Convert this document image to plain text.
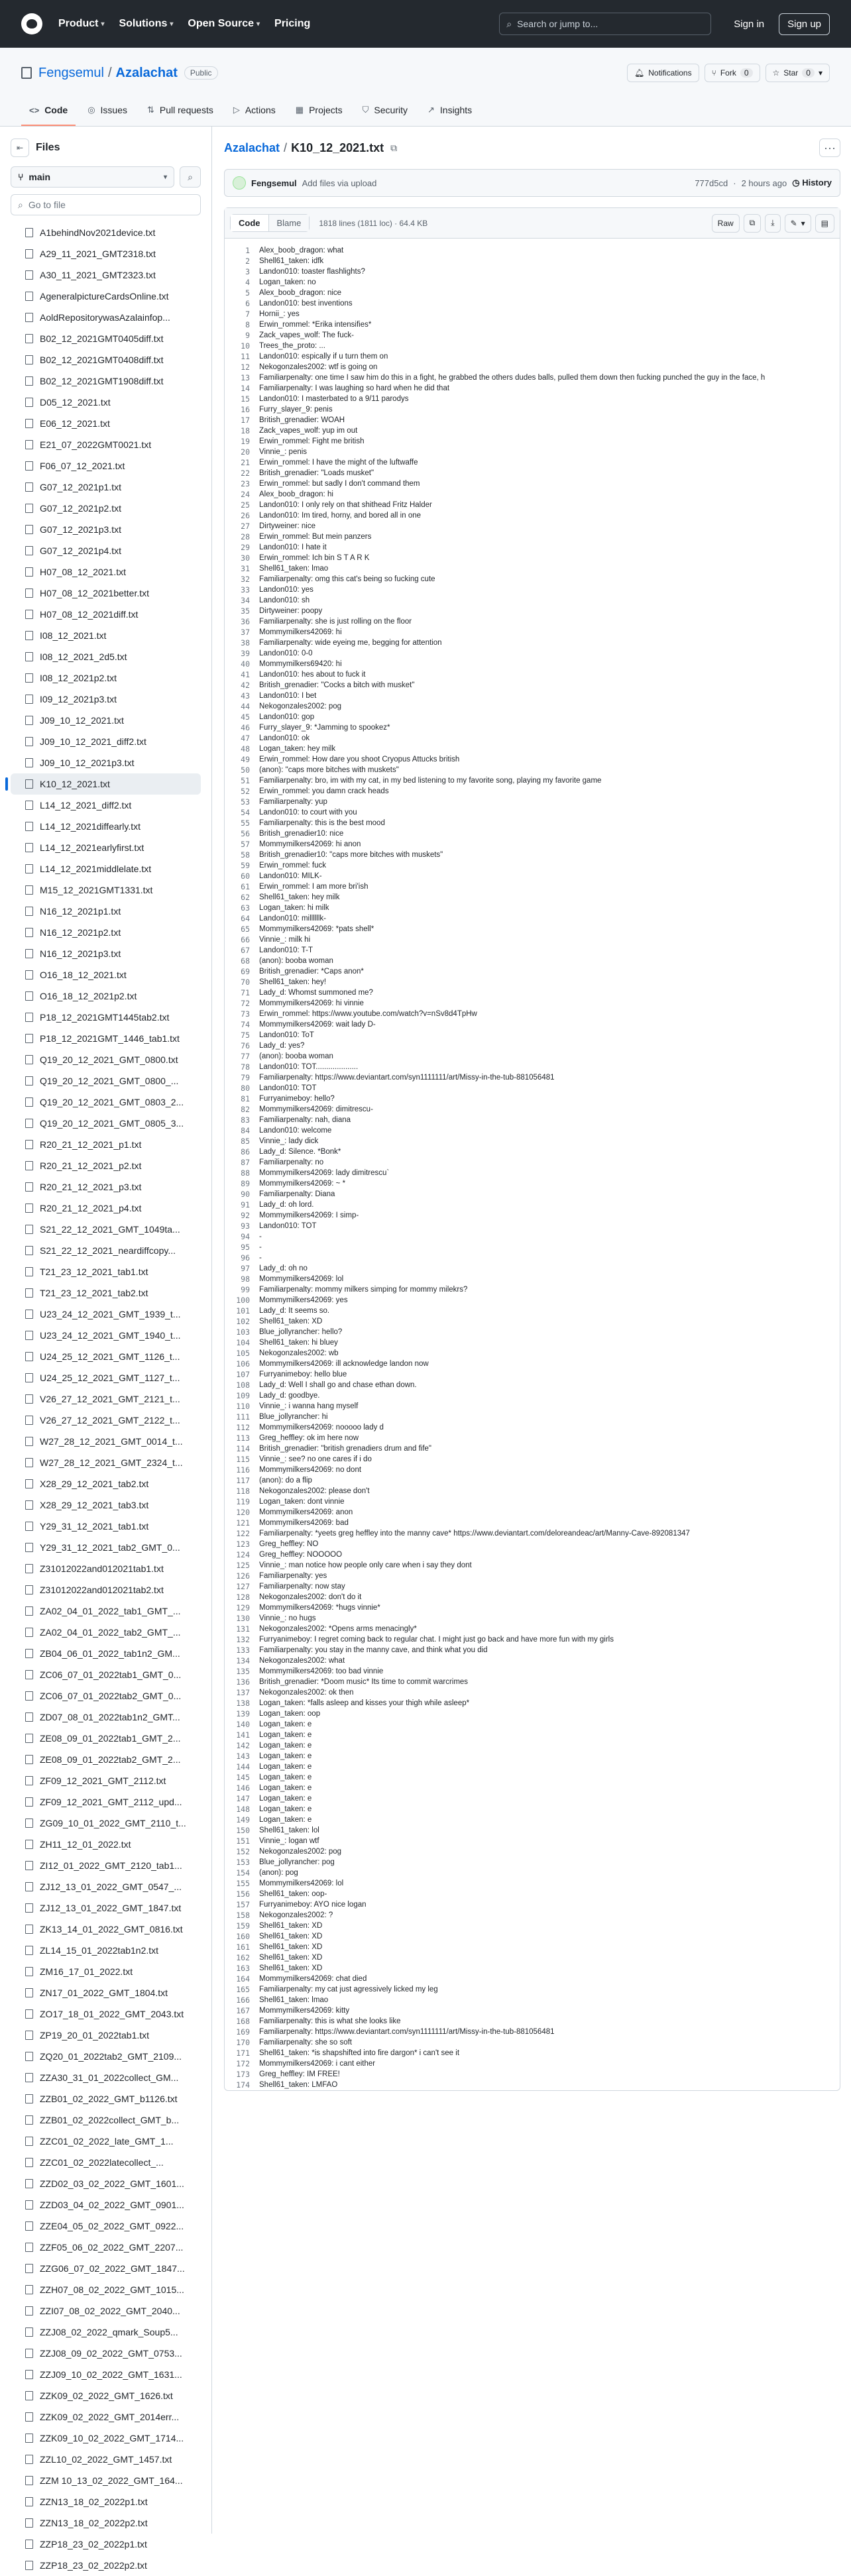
Product ▾ Solutions ▾ Open Source ▾ Pricing	⌕ Search or jump to...	Sign in	Sign up
Fengsemul / Azalachat	Public	🔔︎ Notifications	⑂ Fork	0	☆ Star	0	▾
<> Code ◎ Issues ⇅ Pull requests ▷ Actions ▦ Projects ⛉ Security ↗ Insights
⇤	Files
⑂ main	▾ ⌕
⌕ Go to file
A1behindNov2021device.txt
A29_11_2021_GMT2318.txt
A30_11_2021_GMT2323.txt
AgeneralpictureCardsOnline.txt
AoldRepositorywasAzalainfop...
B02_12_2021GMT0405diff.txt
B02_12_2021GMT0408diff.txt
B02_12_2021GMT1908diff.txt
D05_12_2021.txt
E06_12_2021.txt
E21_07_2022GMT0021.txt
F06_07_12_2021.txt
G07_12_2021p1.txt
G07_12_2021p2.txt
G07_12_2021p3.txt
G07_12_2021p4.txt
H07_08_12_2021.txt
H07_08_12_2021better.txt
H07_08_12_2021diff.txt
I08_12_2021.txt
I08_12_2021_2d5.txt
I08_12_2021p2.txt
I09_12_2021p3.txt
J09_10_12_2021.txt
J09_10_12_2021_diff2.txt
J09_10_12_2021p3.txt
K10_12_2021.txt
L14_12_2021_diff2.txt
L14_12_2021diffearly.txt
L14_12_2021earlyfirst.txt
L14_12_2021middlelate.txt
M15_12_2021GMT1331.txt
N16_12_2021p1.txt
N16_12_2021p2.txt
N16_12_2021p3.txt
O16_18_12_2021.txt
O16_18_12_2021p2.txt
P18_12_2021GMT1445tab2.txt
P18_12_2021GMT_1446_tab1.txt
Q19_20_12_2021_GMT_0800.txt
Q19_20_12_2021_GMT_0800_...
Q19_20_12_2021_GMT_0803_2...
Q19_20_12_2021_GMT_0805_3...
R20_21_12_2021_p1.txt
R20_21_12_2021_p2.txt
R20_21_12_2021_p3.txt
R20_21_12_2021_p4.txt
S21_22_12_2021_GMT_1049ta...
S21_22_12_2021_neardiffcopy...
T21_23_12_2021_tab1.txt
T21_23_12_2021_tab2.txt
U23_24_12_2021_GMT_1939_t...
U23_24_12_2021_GMT_1940_t...
U24_25_12_2021_GMT_1126_t...
U24_25_12_2021_GMT_1127_t...
V26_27_12_2021_GMT_2121_t...
V26_27_12_2021_GMT_2122_t...
W27_28_12_2021_GMT_0014_t...
W27_28_12_2021_GMT_2324_t...
X28_29_12_2021_tab2.txt
X28_29_12_2021_tab3.txt
Y29_31_12_2021_tab1.txt
Y29_31_12_2021_tab2_GMT_0...
Z31012022and012021tab1.txt
Z31012022and012021tab2.txt
ZA02_04_01_2022_tab1_GMT_...
ZA02_04_01_2022_tab2_GMT_...
ZB04_06_01_2022_tab1n2_GM...
ZC06_07_01_2022tab1_GMT_0...
ZC06_07_01_2022tab2_GMT_0...
ZD07_08_01_2022tab1n2_GMT...
ZE08_09_01_2022tab1_GMT_2...
ZE08_09_01_2022tab2_GMT_2...
ZF09_12_2021_GMT_2112.txt
ZF09_12_2021_GMT_2112_upd...
ZG09_10_01_2022_GMT_2110_t...
ZH11_12_01_2022.txt
ZI12_01_2022_GMT_2120_tab1...
ZJ12_13_01_2022_GMT_0547_...
ZJ12_13_01_2022_GMT_1847.txt
ZK13_14_01_2022_GMT_0816.txt
ZL14_15_01_2022tab1n2.txt
ZM16_17_01_2022.txt
ZN17_01_2022_GMT_1804.txt
ZO17_18_01_2022_GMT_2043.txt
ZP19_20_01_2022tab1.txt
ZQ20_01_2022tab2_GMT_2109...
ZZA30_31_01_2022collect_GM...
ZZB01_02_2022_GMT_b1126.txt
ZZB01_02_2022collect_GMT_b...
ZZC01_02_2022_late_GMT_1...
ZZC01_02_2022latecollect_...
ZZD02_03_02_2022_GMT_1601...
ZZD03_04_02_2022_GMT_0901...
ZZE04_05_02_2022_GMT_0922...
ZZF05_06_02_2022_GMT_2207...
ZZG06_07_02_2022_GMT_1847...
ZZH07_08_02_2022_GMT_1015...
ZZI07_08_02_2022_GMT_2040...
ZZJ08_02_2022_qmark_Soup5...
ZZJ08_09_02_2022_GMT_0753...
ZZJ09_10_02_2022_GMT_1631...
ZZK09_02_2022_GMT_1626.txt
ZZK09_02_2022_GMT_2014err...
ZZK09_10_02_2022_GMT_1714...
ZZL10_02_2022_GMT_1457.txt
ZZM 10_13_02_2022_GMT_164...
ZZN13_18_02_2022p1.txt
ZZN13_18_02_2022p2.txt
ZZP18_23_02_2022p1.txt
ZZP18_23_02_2022p2.txt
Azalachat / K10_12_2021.txt ⧉	···
Fengsemul Add files via upload	777d5cd · 2 hours ago ◷ History
Code	Blame	1818 lines (1811 loc) · 64.4 KB	Raw ⧉ ⤓ ✎ ▾ ▤
1	Alex_boob_dragon: what
2	Shell61_taken: idfk
3	Landon010: toaster flashlights?
4	Logan_taken: no
5	Alex_boob_dragon: nice
6	Landon010: best inventions
7	Hornii_: yes
8	Erwin_rommel: *Erika intensifies*
9	Zack_vapes_wolf: The fuck-
10	Trees_the_proto: ...
11	Landon010: espically if u turn them on
12	Nekogonzales2002: wtf is going on
13	Familiarpenalty: one time I saw him do this in a fight, he grabbed the others dudes balls, pulled them down then fucking punched the guy in the face, h
14	Familiarpenalty: I was laughing so hard when he did that
15	Landon010: I masterbated to a 9/11 parodys
16	Furry_slayer_9: penis
17	British_grenadier: WOAH
18	Zack_vapes_wolf: yup im out
19	Erwin_rommel: Fight me british
20	Vinnie_: penis
21	Erwin_rommel: I have the might of the luftwaffe
22	British_grenadier: "Loads musket"
23	Erwin_rommel: but sadly I don't command them
24	Alex_boob_dragon: hi
25	Landon010: I only rely on that shithead Fritz Halder
26	Landon010: Im tired, horny, and bored all in one
27	Dirtyweiner: nice
28	Erwin_rommel: But mein panzers
29	Landon010: I hate it
30	Erwin_rommel: Ich bin S T A R K
31	Shell61_taken: lmao
32	Familiarpenalty: omg this cat's being so fucking cute
33	Landon010: yes
34	Landon010: sh
35	Dirtyweiner: poopy
36	Familiarpenalty: she is just rolling on the floor
37	Mommymilkers42069: hi
38	Familiarpenalty: wide eyeing me, begging for attention
39	Landon010: 0-0
40	Mommymilkers69420: hi
41	Landon010: hes about to fuck it
42	British_grenadier: "Cocks a bitch with musket"
43	Landon010: I bet
44	Nekogonzales2002: pog
45	Landon010: gop
46	Furry_slayer_9: *Jamming to spookez*
47	Landon010: ok
48	Logan_taken: hey milk
49	Erwin_rommel: How dare you shoot Cryopus Attucks british
50	(anon): "caps more bitches with muskets"
51	Familiarpenalty: bro, im with my cat, in my bed listening to my favorite song, playing my favorite game
52	Erwin_rommel: you damn crack heads
53	Familiarpenalty: yup
54	Landon010: to court with you
55	Familiarpenalty: this is the best mood
56	British_grenadier10: nice
57	Mommymilkers42069: hi anon
58	British_grenadier10: "caps more bitches with muskets"
59	Erwin_rommel: fuck
60	Landon010: MILK-
61	Erwin_rommel: I am more bri'ish
62	Shell61_taken: hey milk
63	Logan_taken: hi milk
64	Landon010: millllllk-
65	Mommymilkers42069: *pats shell*
66	Vinnie_: milk hi
67	Landon010: T-T
68	(anon): booba woman
69	British_grenadier: *Caps anon*
70	Shell61_taken: hey!
71	Lady_d: Whomst summoned me?
72	Mommymilkers42069: hi vinnie
73	Erwin_rommel: https://www.youtube.com/watch?v=nSv8d4TpHw
74	Mommymilkers42069: wait lady D-
75	Landon010: ToT
76	Lady_d: yes?
77	(anon): booba woman
78	Landon010: TOT....................
79	Familiarpenalty: https://www.deviantart.com/syn1111111/art/Missy-in-the-tub-881056481
80	Landon010: TOT
81	Furryanimeboy: hello?
82	Mommymilkers42069: dimitrescu-
83	Familiarpenalty: nah, diana
84	Landon010: welcome
85	Vinnie_: lady dick
86	Lady_d: Silence. *Bonk*
87	Familiarpenalty: no
88	Mommymilkers42069: lady dimitrescu`
89	Mommymilkers42069: ~ *
90	Familiarpenalty: Diana
91	Lady_d: oh lord.
92	Mommymilkers42069: I simp-
93	Landon010: TOT
94	-
95	-
96	-
97	Lady_d: oh no
98	Mommymilkers42069: lol
99	Familiarpenalty: mommy milkers simping for mommy milekrs?
100	Mommymilkers42069: yes
101	Lady_d: It seems so.
102	Shell61_taken: XD
103	Blue_jollyrancher: hello?
104	Shell61_taken: hi bluey
105	Nekogonzales2002: wb
106	Mommymilkers42069: ill acknowledge landon now
107	Furryanimeboy: hello blue
108	Lady_d: Well I shall go and chase ethan down.
109	Lady_d: goodbye.
110	Vinnie_: i wanna hang myself
111	Blue_jollyrancher: hi
112	Mommymilkers42069: nooooo lady d
113	Greg_heffley: ok im here now
114	British_grenadier: "british grenadiers drum and fife"
115	Vinnie_: see? no one cares if i do
116	Mommymilkers42069: no dont
117	(anon): do a flip
118	Nekogonzales2002: please don't
119	Logan_taken: dont vinnie
120	Mommymilkers42069: anon
121	Mommymilkers42069: bad
122	Familiarpenalty: *yeets greg heffley into the manny cave* https://www.deviantart.com/deloreandeac/art/Manny-Cave-892081347
123	Greg_heffley: NO
124	Greg_heffley: NOOOOO
125	Vinnie_: man notice how people only care when i say they dont
126	Familiarpenalty: yes
127	Familiarpenalty: now stay
128	Nekogonzales2002: don't do it
129	Mommymilkers42069: *hugs vinnie*
130	Vinnie_: no hugs
131	Nekogonzales2002: *Opens arms menacingly*
132	Furryanimeboy: I regret coming back to regular chat. I might just go back and have more fun with my girls
133	Familiarpenalty: you stay in the manny cave, and think what you did
134	Nekogonzales2002: what
135	Mommymilkers42069: too bad vinnie
136	British_grenadier: *Doom music* Its time to commit warcrimes
137	Nekogonzales2002: ok then
138	Logan_taken: *falls asleep and kisses your thigh while asleep*
139	Logan_taken: oop
140	Logan_taken: e
141	Logan_taken: e
142	Logan_taken: e
143	Logan_taken: e
144	Logan_taken: e
145	Logan_taken: e
146	Logan_taken: e
147	Logan_taken: e
148	Logan_taken: e
149	Logan_taken: e
150	Shell61_taken: lol
151	Vinnie_: logan wtf
152	Nekogonzales2002: pog
153	Blue_jollyrancher: pog
154	(anon): pog
155	Mommymilkers42069: lol
156	Shell61_taken: oop-
157	Furryanimeboy: AYO nice logan
158	Nekogonzales2002: ?
159	Shell61_taken: XD
160	Shell61_taken: XD
161	Shell61_taken: XD
162	Shell61_taken: XD
163	Shell61_taken: XD
164	Mommymilkers42069: chat died
165	Familiarpenalty: my cat just agressively licked my leg
166	Shell61_taken: lmao
167	Mommymilkers42069: kitty
168	Familiarpenalty: this is what she looks like
169	Familiarpenalty: https://www.deviantart.com/syn1111111/art/Missy-in-the-tub-881056481
170	Familiarpenalty: she so soft
171	Shell61_taken: *is shapshifted into fire dargon* i can't see it
172	Mommymilkers42069: i cant either
173	Greg_heffley: IM FREE!
174	Shell61_taken: LMFAO
